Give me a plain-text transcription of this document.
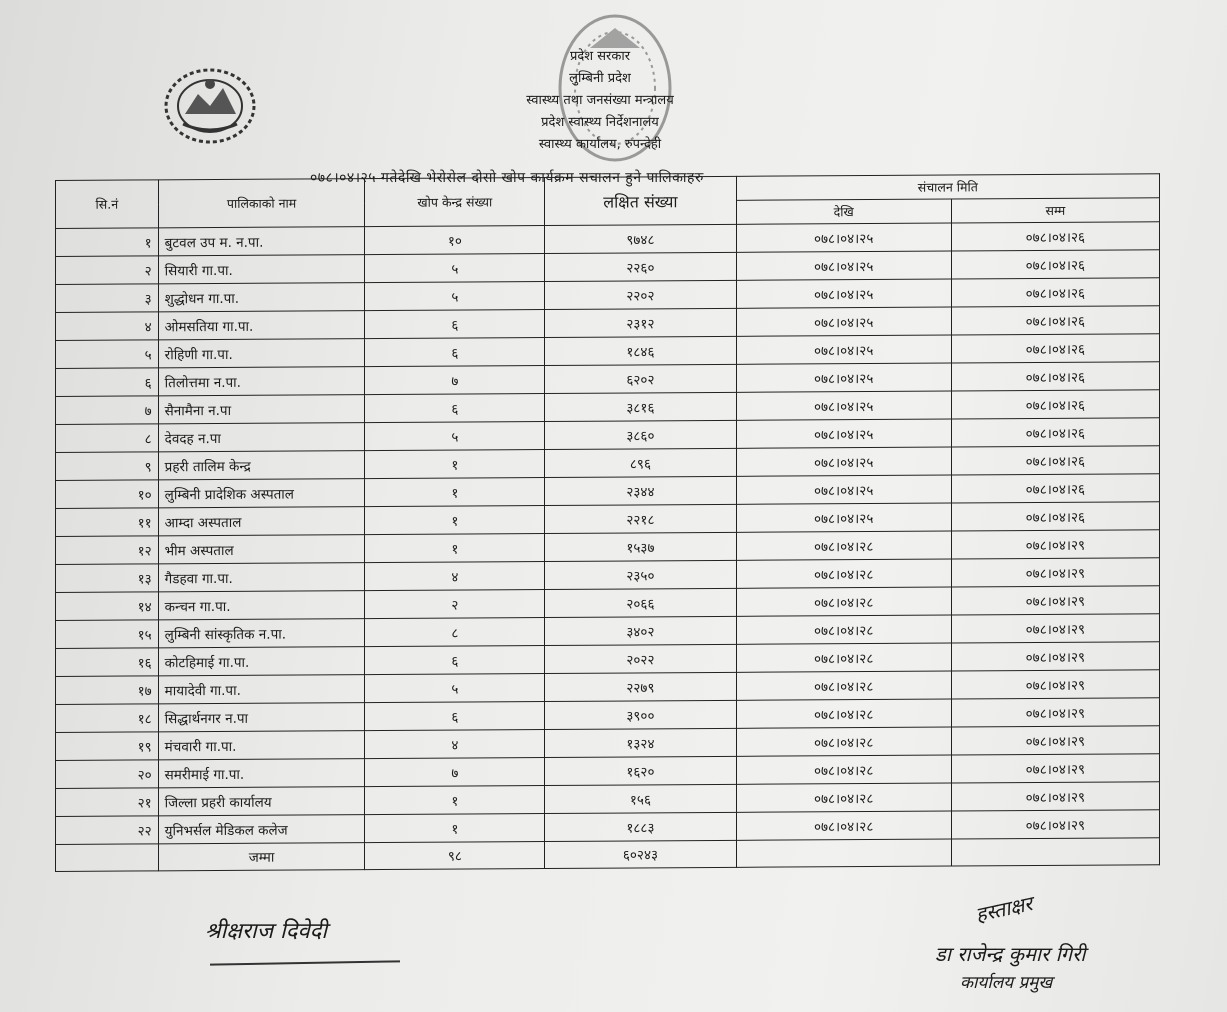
प्रदेश सरकार
लुम्बिनी प्रदेश
स्वास्थ्य तथा जनसंख्या मन्त्रालय
प्रदेश स्वास्थ्य निर्देशनालय
स्वास्थ्य कार्यालय, रुपन्देही
०७८।०४।२५ गतेदेखि भेरोसेल दोसो खोप कार्यक्रम सचालन हुने पालिकाहरु
सि.नं	पालिकाको नाम	खोप केन्द्र संख्या	लक्षित संख्या	संचालन मिति	
				देखि	सम्म
१	बुटवल उप म. न.पा.	१०	९७४८	०७८।०४।२५	०७८।०४।२६
२	सियारी गा.पा.	५	२२६०	०७८।०४।२५	०७८।०४।२६
३	शुद्धोधन गा.पा.	५	२२०२	०७८।०४।२५	०७८।०४।२६
४	ओमसतिया गा.पा.	६	२३१२	०७८।०४।२५	०७८।०४।२६
५	रोहिणी गा.पा.	६	१८४६	०७८।०४।२५	०७८।०४।२६
६	तिलोत्तमा न.पा.	७	६२०२	०७८।०४।२५	०७८।०४।२६
७	सैनामैना न.पा	६	३८१६	०७८।०४।२५	०७८।०४।२६
८	देवदह न.पा	५	३८६०	०७८।०४।२५	०७८।०४।२६
९	प्रहरी तालिम केन्द्र	१	८९६	०७८।०४।२५	०७८।०४।२६
१०	लुम्बिनी प्रादेशिक अस्पताल	१	२३४४	०७८।०४।२५	०७८।०४।२६
११	आम्दा अस्पताल	१	२२१८	०७८।०४।२५	०७८।०४।२६
१२	भीम अस्पताल	१	१५३७	०७८।०४।२८	०७८।०४।२९
१३	गैडहवा गा.पा.	४	२३५०	०७८।०४।२८	०७८।०४।२९
१४	कन्चन गा.पा.	२	२०६६	०७८।०४।२८	०७८।०४।२९
१५	लुम्बिनी सांस्कृतिक न.पा.	८	३४०२	०७८।०४।२८	०७८।०४।२९
१६	कोटहिमाई गा.पा.	६	२०२२	०७८।०४।२८	०७८।०४।२९
१७	मायादेवी गा.पा.	५	२२७९	०७८।०४।२८	०७८।०४।२९
१८	सिद्धार्थनगर न.पा	६	३९००	०७८।०४।२८	०७८।०४।२९
१९	मंचवारी गा.पा.	४	१३२४	०७८।०४।२८	०७८।०४।२९
२०	समरीमाई गा.पा.	७	१६२०	०७८।०४।२८	०७८।०४।२९
२१	जिल्ला प्रहरी कार्यालय	१	१५६	०७८।०४।२८	०७८।०४।२९
२२	युनिभर्सल मेडिकल कलेज	१	१८८३	०७८।०४।२८	०७८।०४।२९
	जम्मा	९८	६०२४३		
श्रीक्षराज दिवेदी
हस्ताक्षर
डा राजेन्द्र कुमार गिरी
कार्यालय प्रमुख
